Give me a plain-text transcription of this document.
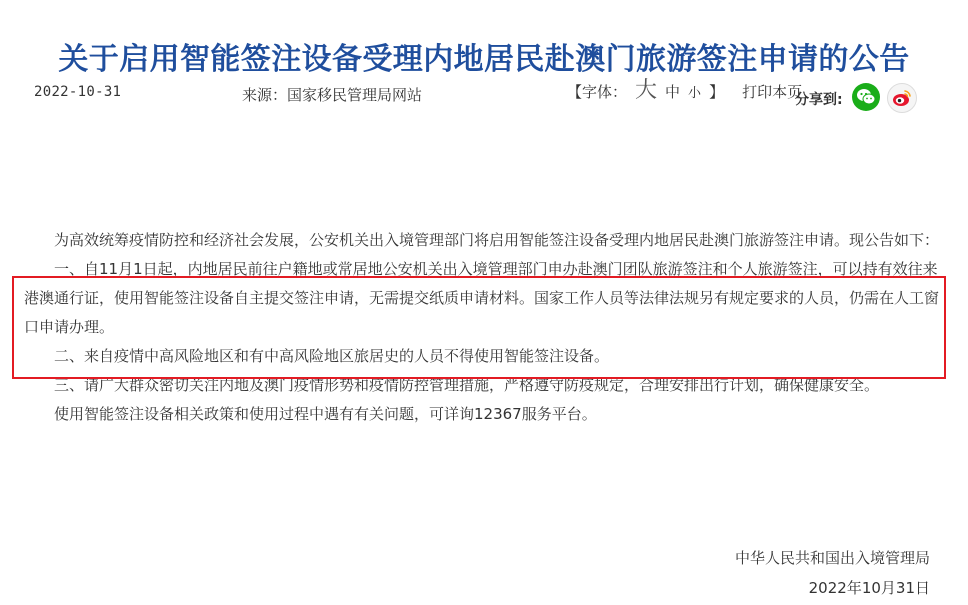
关于启用智能签注设备受理内地居民赴澳门旅游签注申请的公告
2022-10-31	来源：国家移民管理局网站	【字体： 大 中 小 】 打印本页
分享到:

为高效统筹疫情防控和经济社会发展，公安机关出入境管理部门将启用智能签注设备受理内地居民赴澳门旅游签注申请。现公告如下：

一、自11月1日起，内地居民前往户籍地或常居地公安机关出入境管理部门申办赴澳门团队旅游签注和个人旅游签注，可以持有效往来港澳通行证，使用智能签注设备自主提交签注申请，无需提交纸质申请材料。国家工作人员等法律法规另有规定要求的人员，仍需在人工窗口申请办理。

二、来自疫情中高风险地区和有中高风险地区旅居史的人员不得使用智能签注设备。

三、请广大群众密切关注内地及澳门疫情形势和疫情防控管理措施，严格遵守防疫规定，合理安排出行计划，确保健康安全。

使用智能签注设备相关政策和使用过程中遇有有关问题，可详询12367服务平台。

中华人民共和国出入境管理局
2022年10月31日
